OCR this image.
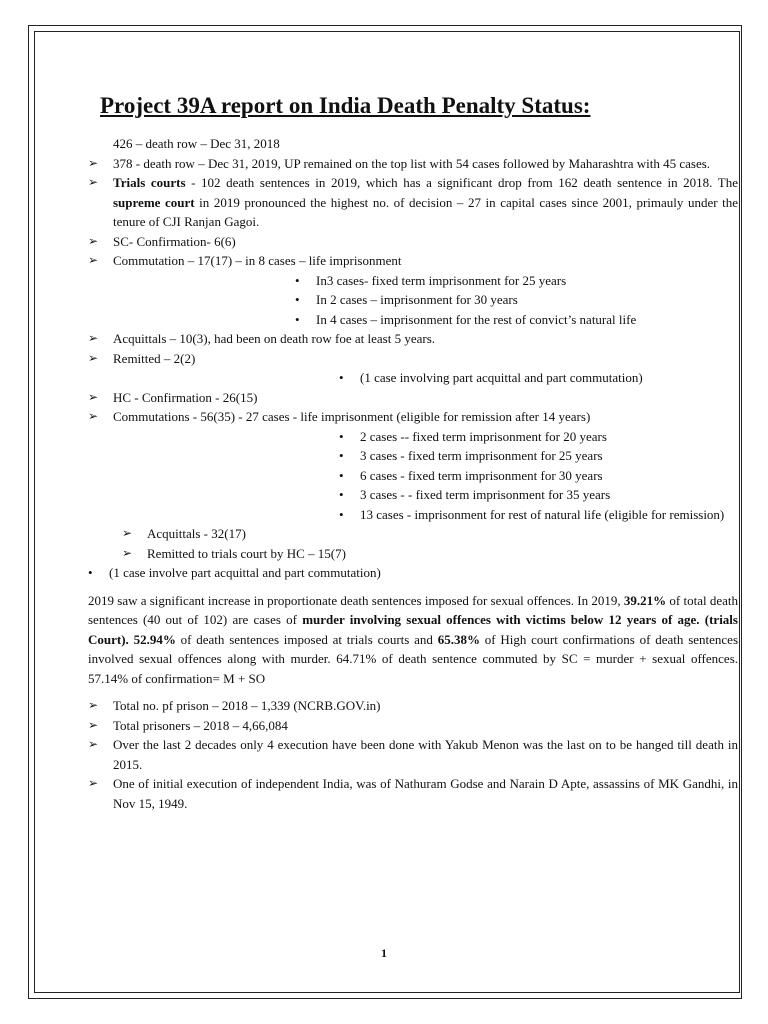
Project 39A report on India Death Penalty Status:
426 – death row – Dec 31, 2018
➢ 378 - death row – Dec 31, 2019, UP remained on the top list with 54 cases followed by Maharashtra with 45 cases.
➢ Trials courts - 102 death sentences in 2019, which has a significant drop from 162 death sentence in 2018. The supreme court in 2019 pronounced the highest no. of decision – 27 in capital cases since 2001, primauly under the tenure of CJI Ranjan Gagoi.
➢ SC- Confirmation- 6(6)
➢ Commutation – 17(17) – in 8 cases – life imprisonment
• In3 cases- fixed term imprisonment for 25 years
• In 2 cases – imprisonment for 30 years
• In 4 cases – imprisonment for the rest of convict’s natural life
➢ Acquittals – 10(3), had been on death row foe at least 5 years.
➢ Remitted – 2(2)
• (1 case involving part acquittal and part commutation)
➢ HC - Confirmation - 26(15)
➢ Commutations - 56(35) - 27 cases - life imprisonment (eligible for remission after 14 years)
• 2 cases -- fixed term imprisonment for 20 years
• 3 cases - fixed term imprisonment for 25 years
• 6 cases - fixed term imprisonment for 30 years
• 3 cases - - fixed term imprisonment for 35 years
• 13 cases - imprisonment for rest of natural life (eligible for remission)
➢ Acquittals - 32(17)
➢ Remitted to trials court by HC – 15(7)
• (1 case involve part acquittal and part commutation)
2019 saw a significant increase in proportionate death sentences imposed for sexual offences. In 2019, 39.21% of total death sentences (40 out of 102) are cases of murder involving sexual offences with victims below 12 years of age. (trials Court). 52.94% of death sentences imposed at trials courts and 65.38% of High court confirmations of death sentences involved sexual offences along with murder. 64.71% of death sentence commuted by SC = murder + sexual offences. 57.14% of confirmation= M + SO
➢ Total no. pf prison – 2018 – 1,339 (NCRB.GOV.in)
➢ Total prisoners – 2018 – 4,66,084
➢ Over the last 2 decades only 4 execution have been done with Yakub Menon was the last on to be hanged till death in 2015.
➢ One of initial execution of independent India, was of Nathuram Godse and Narain D Apte, assassins of MK Gandhi, in Nov 15, 1949.
1
